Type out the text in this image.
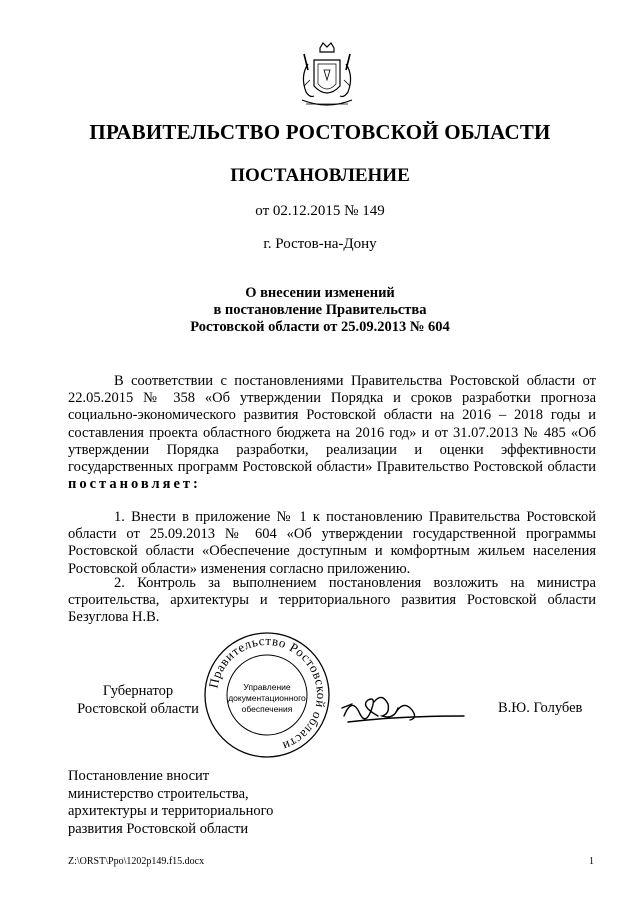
ПРАВИТЕЛЬСТВО РОСТОВСКОЙ ОБЛАСТИ
ПОСТАНОВЛЕНИЕ
от 02.12.2015 № 149
г. Ростов-на-Дону
О внесении изменений
в постановление Правительства
Ростовской области от 25.09.2013 № 604

В соответствии с постановлениями Правительства Ростовской области от 22.05.2015 № 358 «Об утверждении Порядка и сроков разработки прогноза социально-экономического развития Ростовской области на 2016 – 2018 годы и составления проекта областного бюджета на 2016 год» и от 31.07.2013 № 485 «Об утверждении Порядка разработки, реализации и оценки эффективности государственных программ Ростовской области» Правительство Ростовской области постановляет:

1. Внести в приложение № 1 к постановлению Правительства Ростовской области от 25.09.2013 № 604 «Об утверждении государственной программы Ростовской области «Обеспечение доступным и комфортным жильем населения Ростовской области» изменения согласно приложению.

2. Контроль за выполнением постановления возложить на министра строительства, архитектуры и территориального развития Ростовской области Безуглова Н.В.

Губернатор
Ростовской области
Правительство Ростовской области
Управление
документационного
обеспечения	В.Ю. Голубев
Постановление вносит
министерство строительства,
архитектуры и территориального
развития Ростовской области
Z:\ORST\Ppo\1202p149.f15.docx	1
